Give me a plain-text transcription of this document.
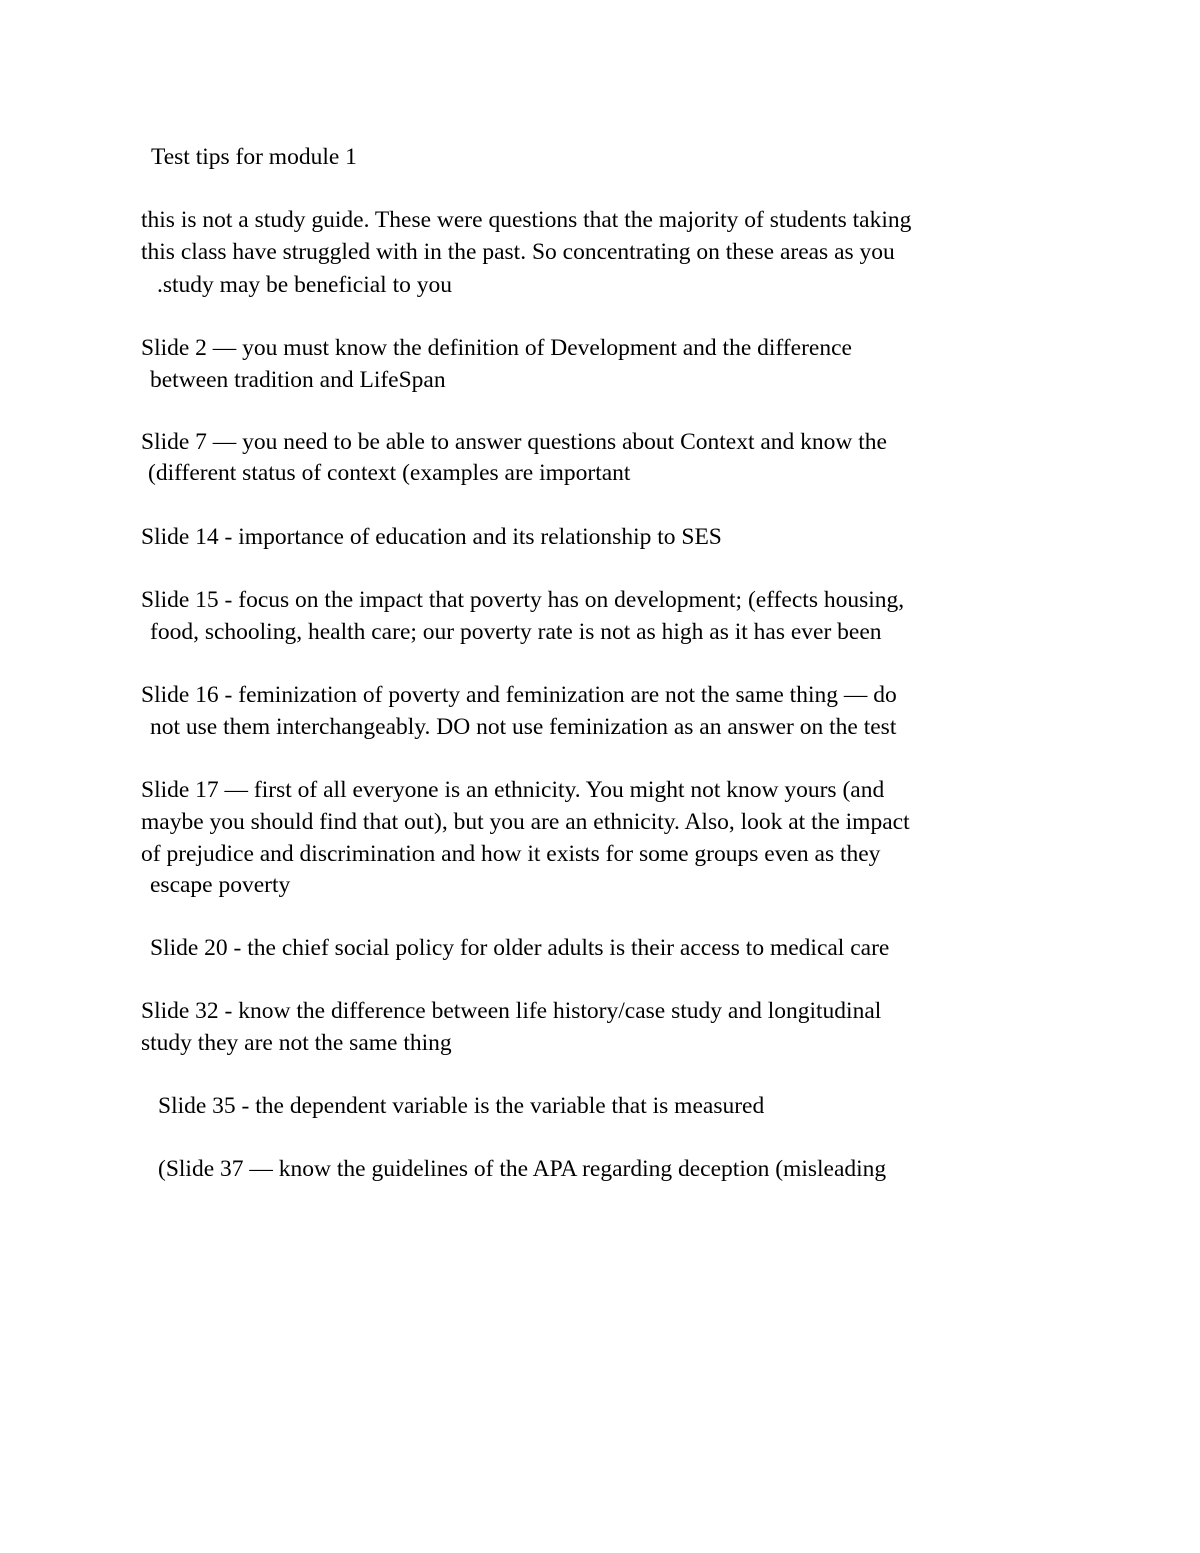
Test tips for module 1
this is not a study guide. These were questions that the majority of students taking
this class have struggled with in the past. So concentrating on these areas as you
.study may be beneficial to you
Slide 2 — you must know the definition of Development and the difference
between tradition and LifeSpan
Slide 7 — you need to be able to answer questions about Context and know the
(different status of context (examples are important
Slide 14 - importance of education and its relationship to SES
Slide 15 - focus on the impact that poverty has on development; (effects housing,
food, schooling, health care; our poverty rate is not as high as it has ever been
Slide 16 - feminization of poverty and feminization are not the same thing — do
not use them interchangeably. DO not use feminization as an answer on the test
Slide 17 — first of all everyone is an ethnicity. You might not know yours (and
maybe you should find that out), but you are an ethnicity. Also, look at the impact
of prejudice and discrimination and how it exists for some groups even as they
escape poverty
Slide 20 - the chief social policy for older adults is their access to medical care
Slide 32 - know the difference between life history/case study and longitudinal
study they are not the same thing
Slide 35 - the dependent variable is the variable that is measured
(Slide 37 — know the guidelines of the APA regarding deception (misleading
